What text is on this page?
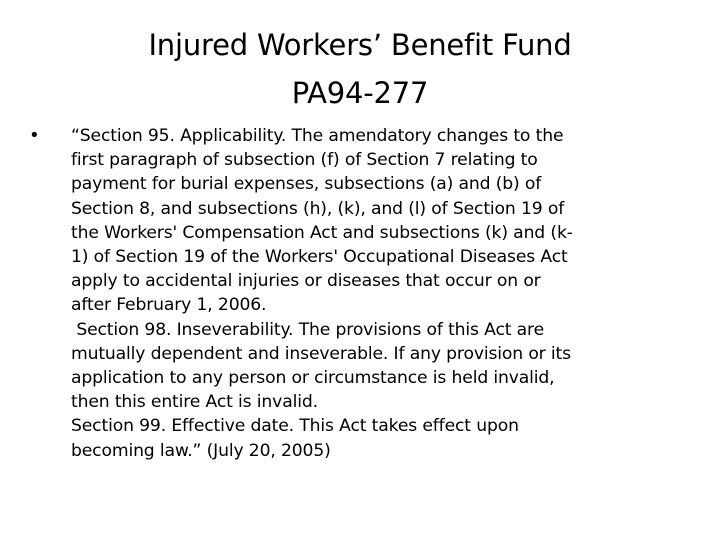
Injured Workers’ Benefit Fund
PA94-277
• “Section 95. Applicability. The amendatory changes to the
first paragraph of subsection (f) of Section 7 relating to
payment for burial expenses, subsections (a) and (b) of
Section 8, and subsections (h), (k), and (l) of Section 19 of
the Workers' Compensation Act and subsections (k) and (k-
1) of Section 19 of the Workers' Occupational Diseases Act
apply to accidental injuries or diseases that occur on or
after February 1, 2006.
Section 98. Inseverability. The provisions of this Act are
mutually dependent and inseverable. If any provision or its
application to any person or circumstance is held invalid,
then this entire Act is invalid.
Section 99. Effective date. This Act takes effect upon
becoming law.” (July 20, 2005)
